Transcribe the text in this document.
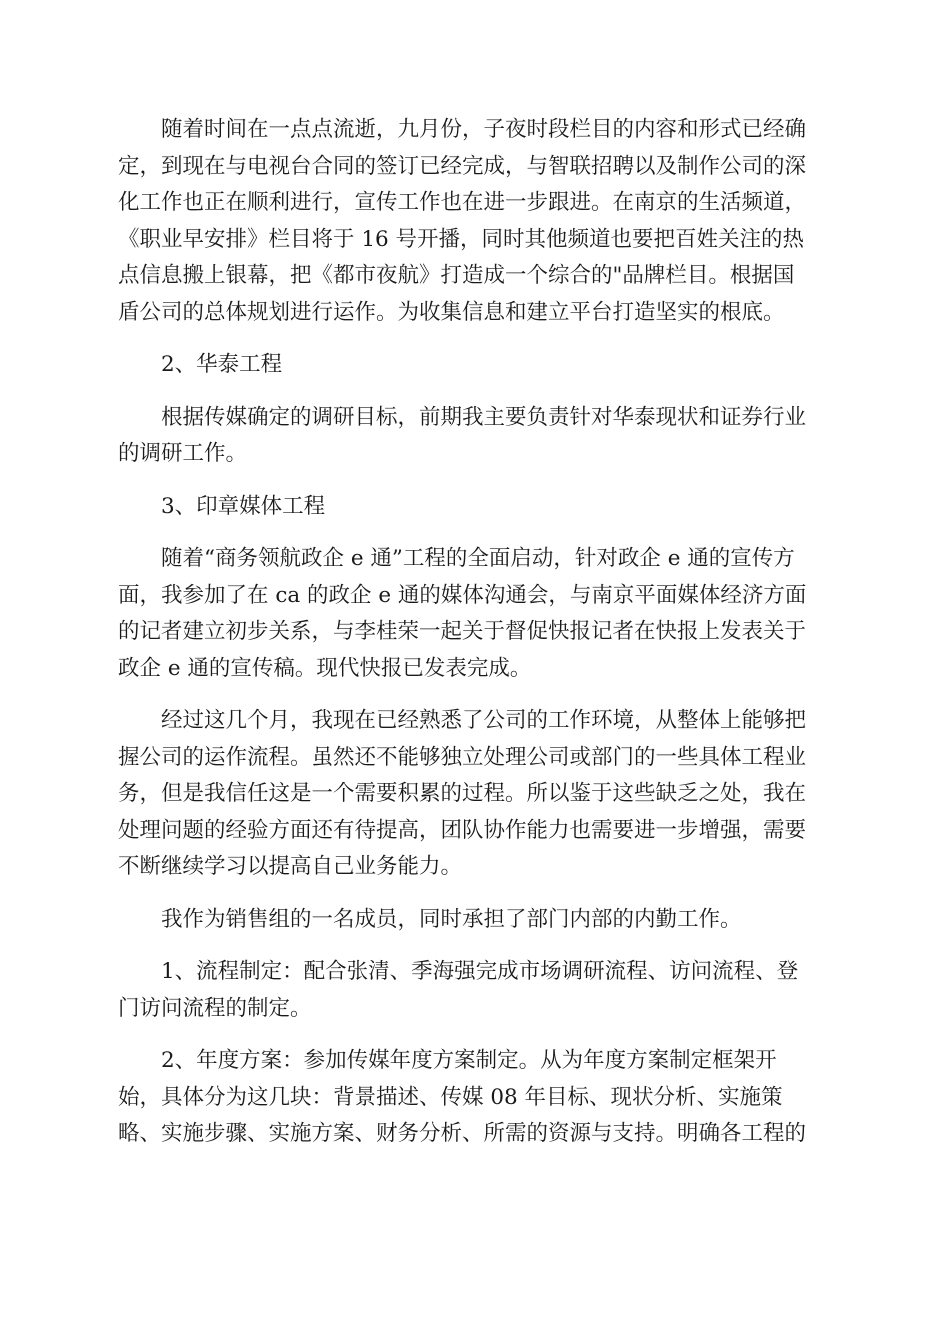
随着时间在一点点流逝，九月份，子夜时段栏目的内容和形式已经确
定，到现在与电视台合同的签订已经完成，与智联招聘以及制作公司的深
化工作也正在顺利进行，宣传工作也在进一步跟进。在南京的生活频道，
《职业早安排》栏目将于 16 号开播，同时其他频道也要把百姓关注的热
点信息搬上银幕，把《都市夜航》打造成一个综合的"品牌栏目。根据国
盾公司的总体规划进行运作。为收集信息和建立平台打造坚实的根底。

2、华泰工程

根据传媒确定的调研目标，前期我主要负责针对华泰现状和证券行业
的调研工作。

3、印章媒体工程

随着“商务领航政企 e 通”工程的全面启动，针对政企 e 通的宣传方
面，我参加了在 ca 的政企 e 通的媒体沟通会，与南京平面媒体经济方面
的记者建立初步关系，与李桂荣一起关于督促快报记者在快报上发表关于
政企 e 通的宣传稿。现代快报已发表完成。

经过这几个月，我现在已经熟悉了公司的工作环境，从整体上能够把
握公司的运作流程。虽然还不能够独立处理公司或部门的一些具体工程业
务，但是我信任这是一个需要积累的过程。所以鉴于这些缺乏之处，我在
处理问题的经验方面还有待提高，团队协作能力也需要进一步增强，需要
不断继续学习以提高自己业务能力。

我作为销售组的一名成员，同时承担了部门内部的内勤工作。

1、流程制定：配合张清、季海强完成市场调研流程、访问流程、登
门访问流程的制定。

2、年度方案：参加传媒年度方案制定。从为年度方案制定框架开
始，具体分为这几块：背景描述、传媒 08 年目标、现状分析、实施策
略、实施步骤、实施方案、财务分析、所需的资源与支持。明确各工程的
